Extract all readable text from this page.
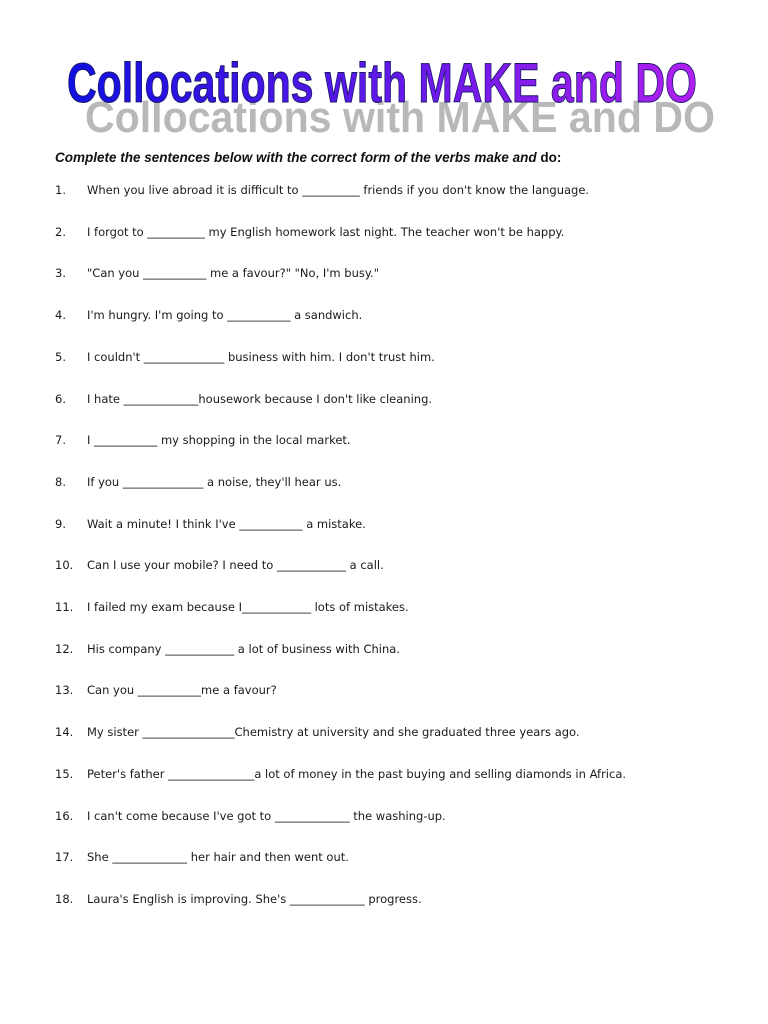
Collocations with MAKE and DO
Collocations with MAKE and DO
Complete the sentences below with the correct form of the verbs make and do:
1. When you live abroad it is difficult to __________ friends if you don't know the language.
2. I forgot to __________ my English homework last night. The teacher won't be happy.
3. "Can you ___________ me a favour?" "No, I'm busy."
4. I'm hungry. I'm going to ___________ a sandwich.
5. I couldn't ______________ business with him. I don't trust him.
6. I hate _____________housework because I don't like cleaning.
7. I ___________ my shopping in the local market.
8. If you ______________ a noise, they'll hear us.
9. Wait a minute! I think I've ___________ a mistake.
10. Can I use your mobile? I need to ____________ a call.
11. I failed my exam because I____________ lots of mistakes.
12. His company ____________ a lot of business with China.
13. Can you ___________me a favour?
14. My sister ________________Chemistry at university and she graduated three years ago.
15. Peter's father _______________a lot of money in the past buying and selling diamonds in Africa.
16. I can't come because I've got to _____________ the washing-up.
17. She _____________ her hair and then went out.
18. Laura's English is improving. She's _____________ progress.
